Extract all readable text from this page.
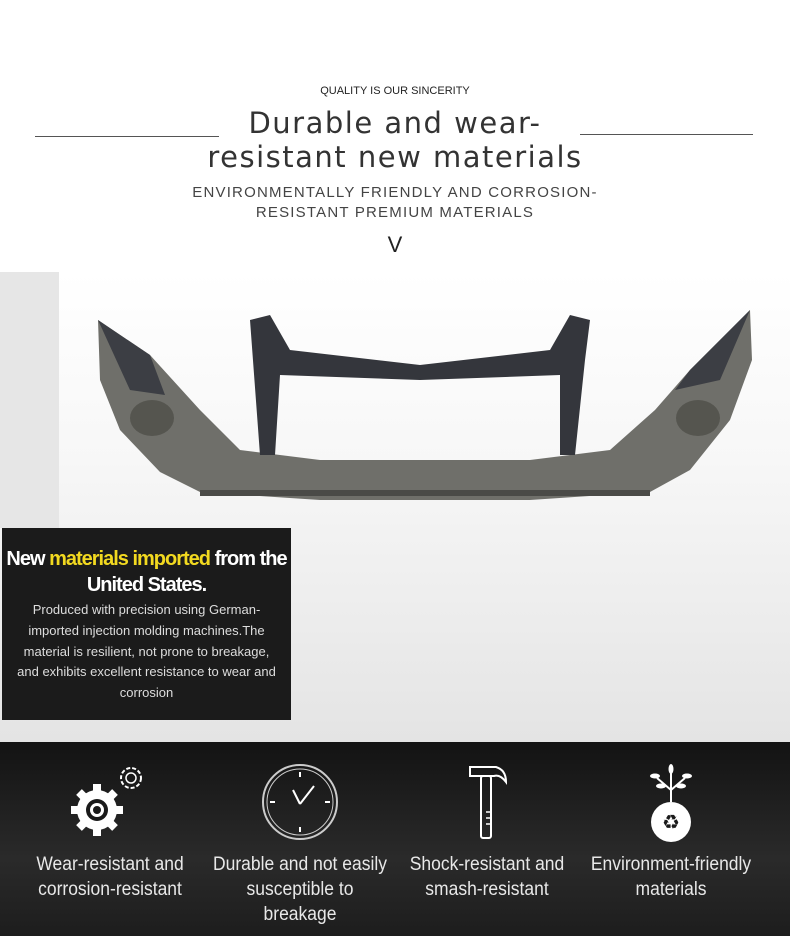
QUALITY IS OUR SINCERITY
Durable and wear-
resistant new materials
ENVIRONMENTALLY FRIENDLY AND CORROSION-
RESISTANT PREMIUM MATERIALS
V
New materials imported from the United States.

Produced with precision using German-imported injection molding machines.The material is resilient, not prone to breakage, and exhibits excellent resistance to wear and corrosion

Wear-resistant and corrosion-resistant
Durable and not easily susceptible to breakage
Shock-resistant and smash-resistant
♻
Environment-friendly materials
